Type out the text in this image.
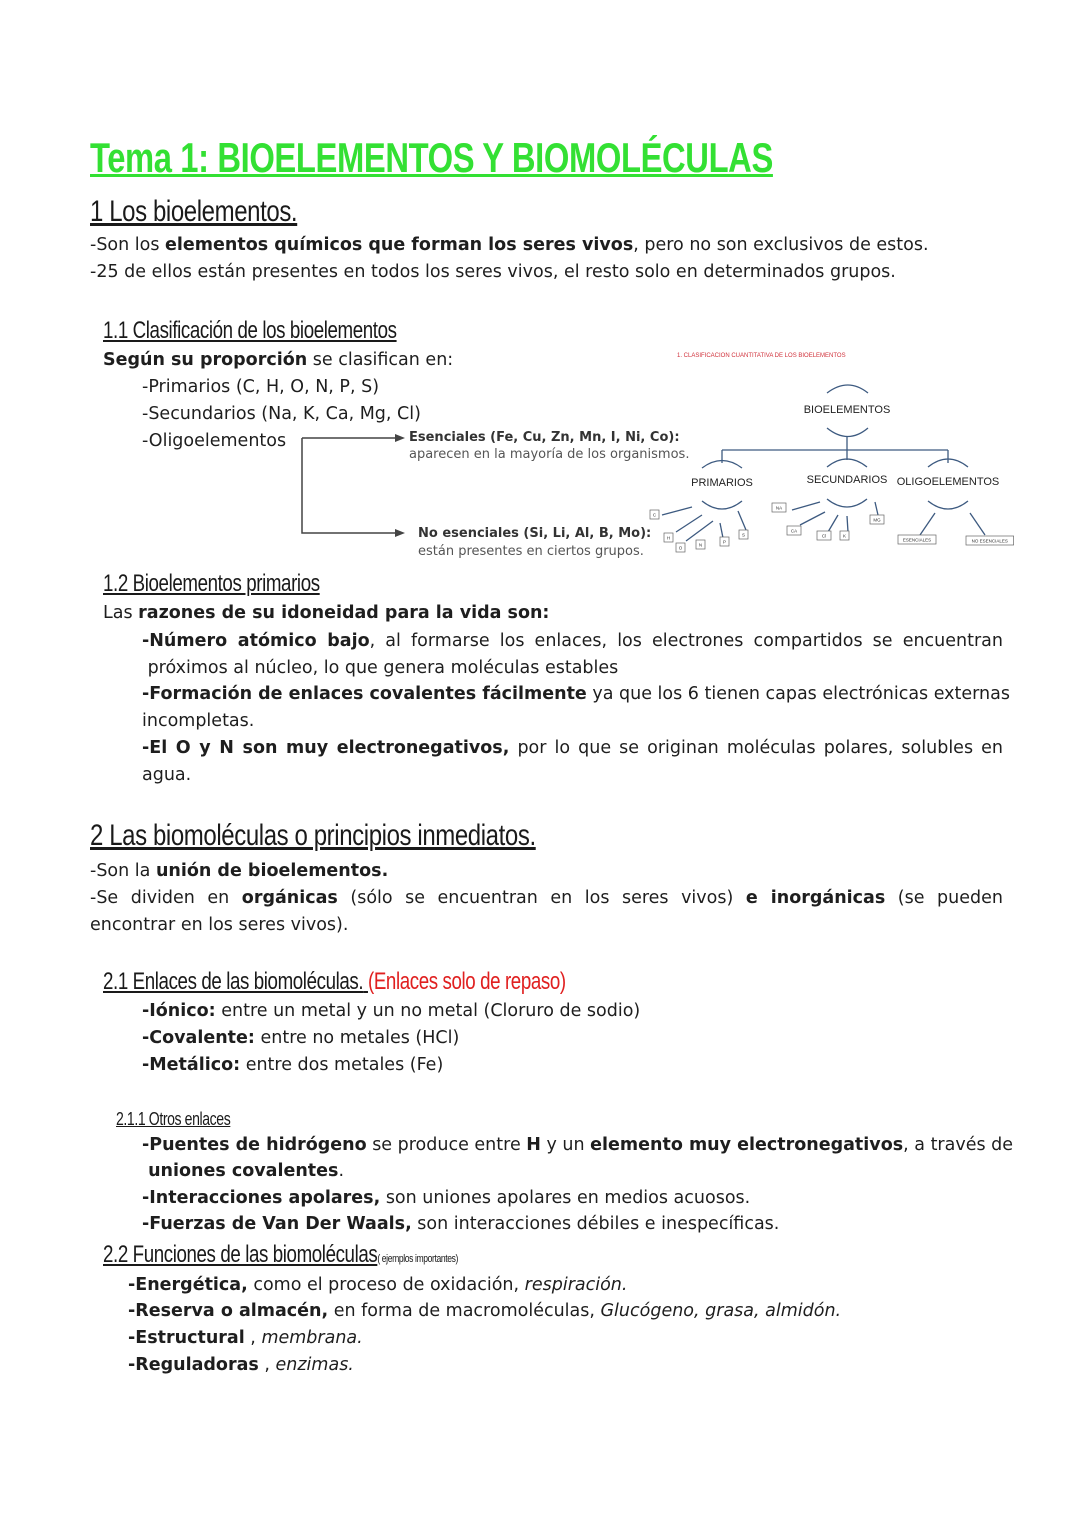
Tema 1: BIOELEMENTOS Y BIOMOLÉCULAS
1 Los bioelementos.
-Son los elementos químicos que forman los seres vivos, pero no son exclusivos de estos.
-25 de ellos están presentes en todos los seres vivos, el resto solo en determinados grupos.
1.1 Clasificación de los bioelementos
Según su proporción se clasifican en:
-Primarios (C, H, O, N, P, S)
-Secundarios (Na, K, Ca, Mg, Cl)
-Oligoelementos	Esenciales (Fe, Cu, Zn, Mn, I, Ni, Co):
aparecen en la mayoría de los organismos.
No esenciales (Si, Li, Al, B, Mo):
están presentes en ciertos grupos.
1. CLASIFICACION CUANTITATIVA DE LOS BIOELEMENTOS
BIOELEMENTOS
PRIMARIOS	SECUNDARIOS OLIGOELEMENTOS
C
H
O
N
P
S
NA
CA
Cl	K
MG
ESENCIALES	NO ESENCIALES
1.2 Bioelementos primarios
Las razones de su idoneidad para la vida son:
-Número atómico bajo, al formarse los enlaces, los electrones compartidos se encuentran
próximos al núcleo, lo que genera moléculas estables
-Formación de enlaces covalentes fácilmente ya que los 6 tienen capas electrónicas externas
incompletas.
-El O y N son muy electronegativos, por lo que se originan moléculas polares, solubles en
agua.
2 Las biomoléculas o principios inmediatos.
-Son la unión de bioelementos.
-Se dividen en orgánicas (sólo se encuentran en los seres vivos) e inorgánicas (se pueden
encontrar en los seres vivos).
2.1 Enlaces de las biomoléculas. (Enlaces solo de repaso)
-Iónico: entre un metal y un no metal (Cloruro de sodio)
-Covalente: entre no metales (HCl)
-Metálico: entre dos metales (Fe)
2.1.1 Otros enlaces
-Puentes de hidrógeno se produce entre H y un elemento muy electronegativos, a través de
uniones covalentes.
-Interacciones apolares, son uniones apolares en medios acuosos.
-Fuerzas de Van Der Waals, son interacciones débiles e inespecíficas.
2.2 Funciones de las biomoléculas( ejemplos importantes)
-Energética, como el proceso de oxidación, respiración.
-Reserva o almacén, en forma de macromoléculas, Glucógeno, grasa, almidón.
-Estructural , membrana.
-Reguladoras , enzimas.
